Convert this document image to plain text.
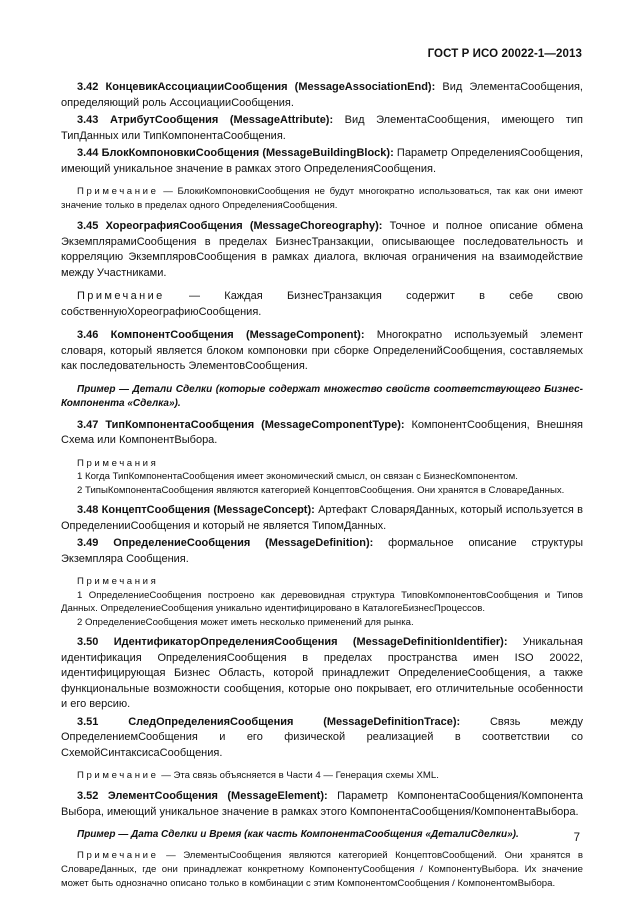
ГОСТ Р ИСО 20022-1—2013

3.42 КонцевикАссоциацииСообщения (MessageAssociationEnd): Вид ЭлементаСообщения, определяющий роль АссоциацииСообщения.

3.43 АтрибутСообщения (MessageAttribute): Вид ЭлементаСообщения, имеющего тип ТипДанных или ТипКомпонентаСообщения.

3.44 БлокКомпоновкиСообщения (MessageBuildingBlock): Параметр ОпределенияСообщения, имеющий уникальное значение в рамках этого ОпределенияСообщения.

Примечание — БлокиКомпоновкиСообщения не будут многократно использоваться, так как они имеют значение только в пределах одного ОпределенияСообщения.

3.45 ХореографияСообщения (MessageChoreography): Точное и полное описание обмена ЭкземплярамиСообщения в пределах БизнесТранзакции, описывающее последовательность и корреляцию ЭкземпляровСообщения в рамках диалога, включая ограничения на взаимодействие между Участниками.

Примечание — Каждая БизнесТранзакция содержит в себе свою собственнуюХореографиюСообщения.

3.46 КомпонентСообщения (MessageComponent): Многократно используемый элемент словаря, который является блоком компоновки при сборке ОпределенийСообщения, составляемых как последовательность ЭлементовСообщения.

Пример — Детали Сделки (которые содержат множество свойств соответствующего Бизнес-Компонента «Сделка»).

3.47 ТипКомпонентаСообщения (MessageComponentType): КомпонентСообщения, Внешняя Схема или КомпонентВыбора.

Примечания

1 Когда ТипКомпонентаСообщения имеет экономический смысл, он связан с БизнесКомпонентом.

2 ТипыКомпонентаСообщения являются категорией КонцептовСообщения. Они хранятся в СловареДанных.

3.48 КонцептСообщения (MessageConcept): Артефакт СловаряДанных, который используется в ОпределенииСообщения и который не является ТипомДанных.

3.49 ОпределениеСообщения (MessageDefinition): формальное описание структуры Экземпляра Сообщения.

Примечания

1 ОпределениеСообщения построено как деревовидная структура ТиповКомпонентовСообщения и Типов Данных. ОпределениеСообщения уникально идентифицировано в КаталогеБизнесПроцессов.

2 ОпределениеСообщения может иметь несколько применений для рынка.

3.50 ИдентификаторОпределенияСообщения (MessageDefinitionIdentifier): Уникальная идентификация ОпределенияСообщения в пределах пространства имен ISO 20022, идентифицирующая Бизнес Область, которой принадлежит ОпределениеСообщения, а также функциональные возможности сообщения, которые оно покрывает, его отличительные особенности и его версию.

3.51 СледОпределенияСообщения (MessageDefinitionTrace): Связь между ОпределениемСообщения и его физической реализацией в соответствии со СхемойСинтаксисаСообщения.

Примечание — Эта связь объясняется в Части 4 — Генерация схемы XML.

3.52 ЭлементСообщения (MessageElement): Параметр КомпонентаСообщения/Компонента Выбора, имеющий уникальное значение в рамках этого КомпонентаСообщения/КомпонентаВыбора.

Пример — Дата Сделки и Время (как часть КомпонентаСообщения «ДеталиСделки»).

Примечание — ЭлементыСообщения являются категорией КонцептовСообщений. Они хранятся в СловареДанных, где они принадлежат конкретному КомпонентуСообщения / КомпонентуВыбора. Их значение может быть однозначно описано только в комбинации с этим КомпонентомСообщения / КомпонентомВыбора.

7
